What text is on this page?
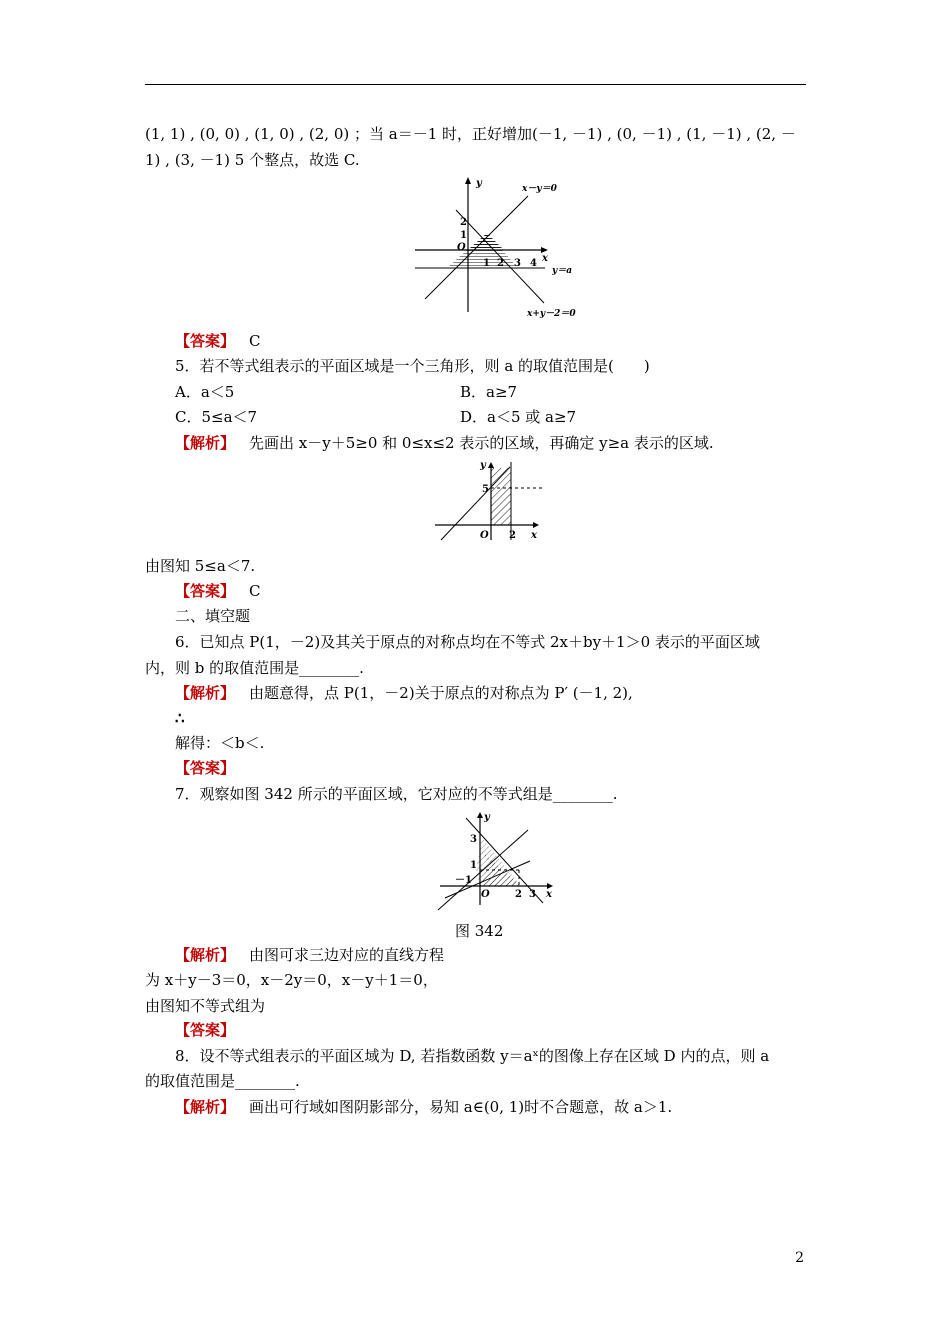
(1, 1) , (0, 0) , (1, 0) , (2, 0) ；当 a＝－1 时，正好增加(－1, －1) , (0, －1) , (1, －1) , (2, －
1) , (3, －1) 5 个整点，故选 C.
y	x－y＝0
2
1
O
1 2 3 4 x
y＝a
x+y－2＝0
【答案】 C
5．若不等式组表示的平面区域是一个三角形，则 a 的取值范围是(　　)
A．a＜5	B．a≥7
C．5≤a＜7	D．a＜5 或 a≥7
【解析】 先画出 x－y＋5≥0 和 0≤x≤2 表示的区域，再确定 y≥a 表示的区域.
y
5
O 2 x
由图知 5≤a＜7.
【答案】 C
二、填空题
6．已知点 P(1，－2)及其关于原点的对称点均在不等式 2x＋by＋1＞0 表示的平面区域
内，则 b 的取值范围是________.
【解析】 由题意得，点 P(1，－2)关于原点的对称点为 P′ (－1, 2),
∴
解得：＜b＜.
【答案】
7．观察如图 342 所示的平面区域，它对应的不等式组是________.
y
3
1
－1
O	2 3 x
图 342
【解析】 由图可求三边对应的直线方程
为 x＋y－3＝0，x－2y＝0，x－y＋1＝0，
由图知不等式组为
【答案】
8．设不等式组表示的平面区域为 D, 若指数函数 y＝aˣ的图像上存在区域 D 内的点，则 a
的取值范围是________.
【解析】 画出可行域如图阴影部分，易知 a∈(0, 1)时不合题意，故 a＞1.
2
